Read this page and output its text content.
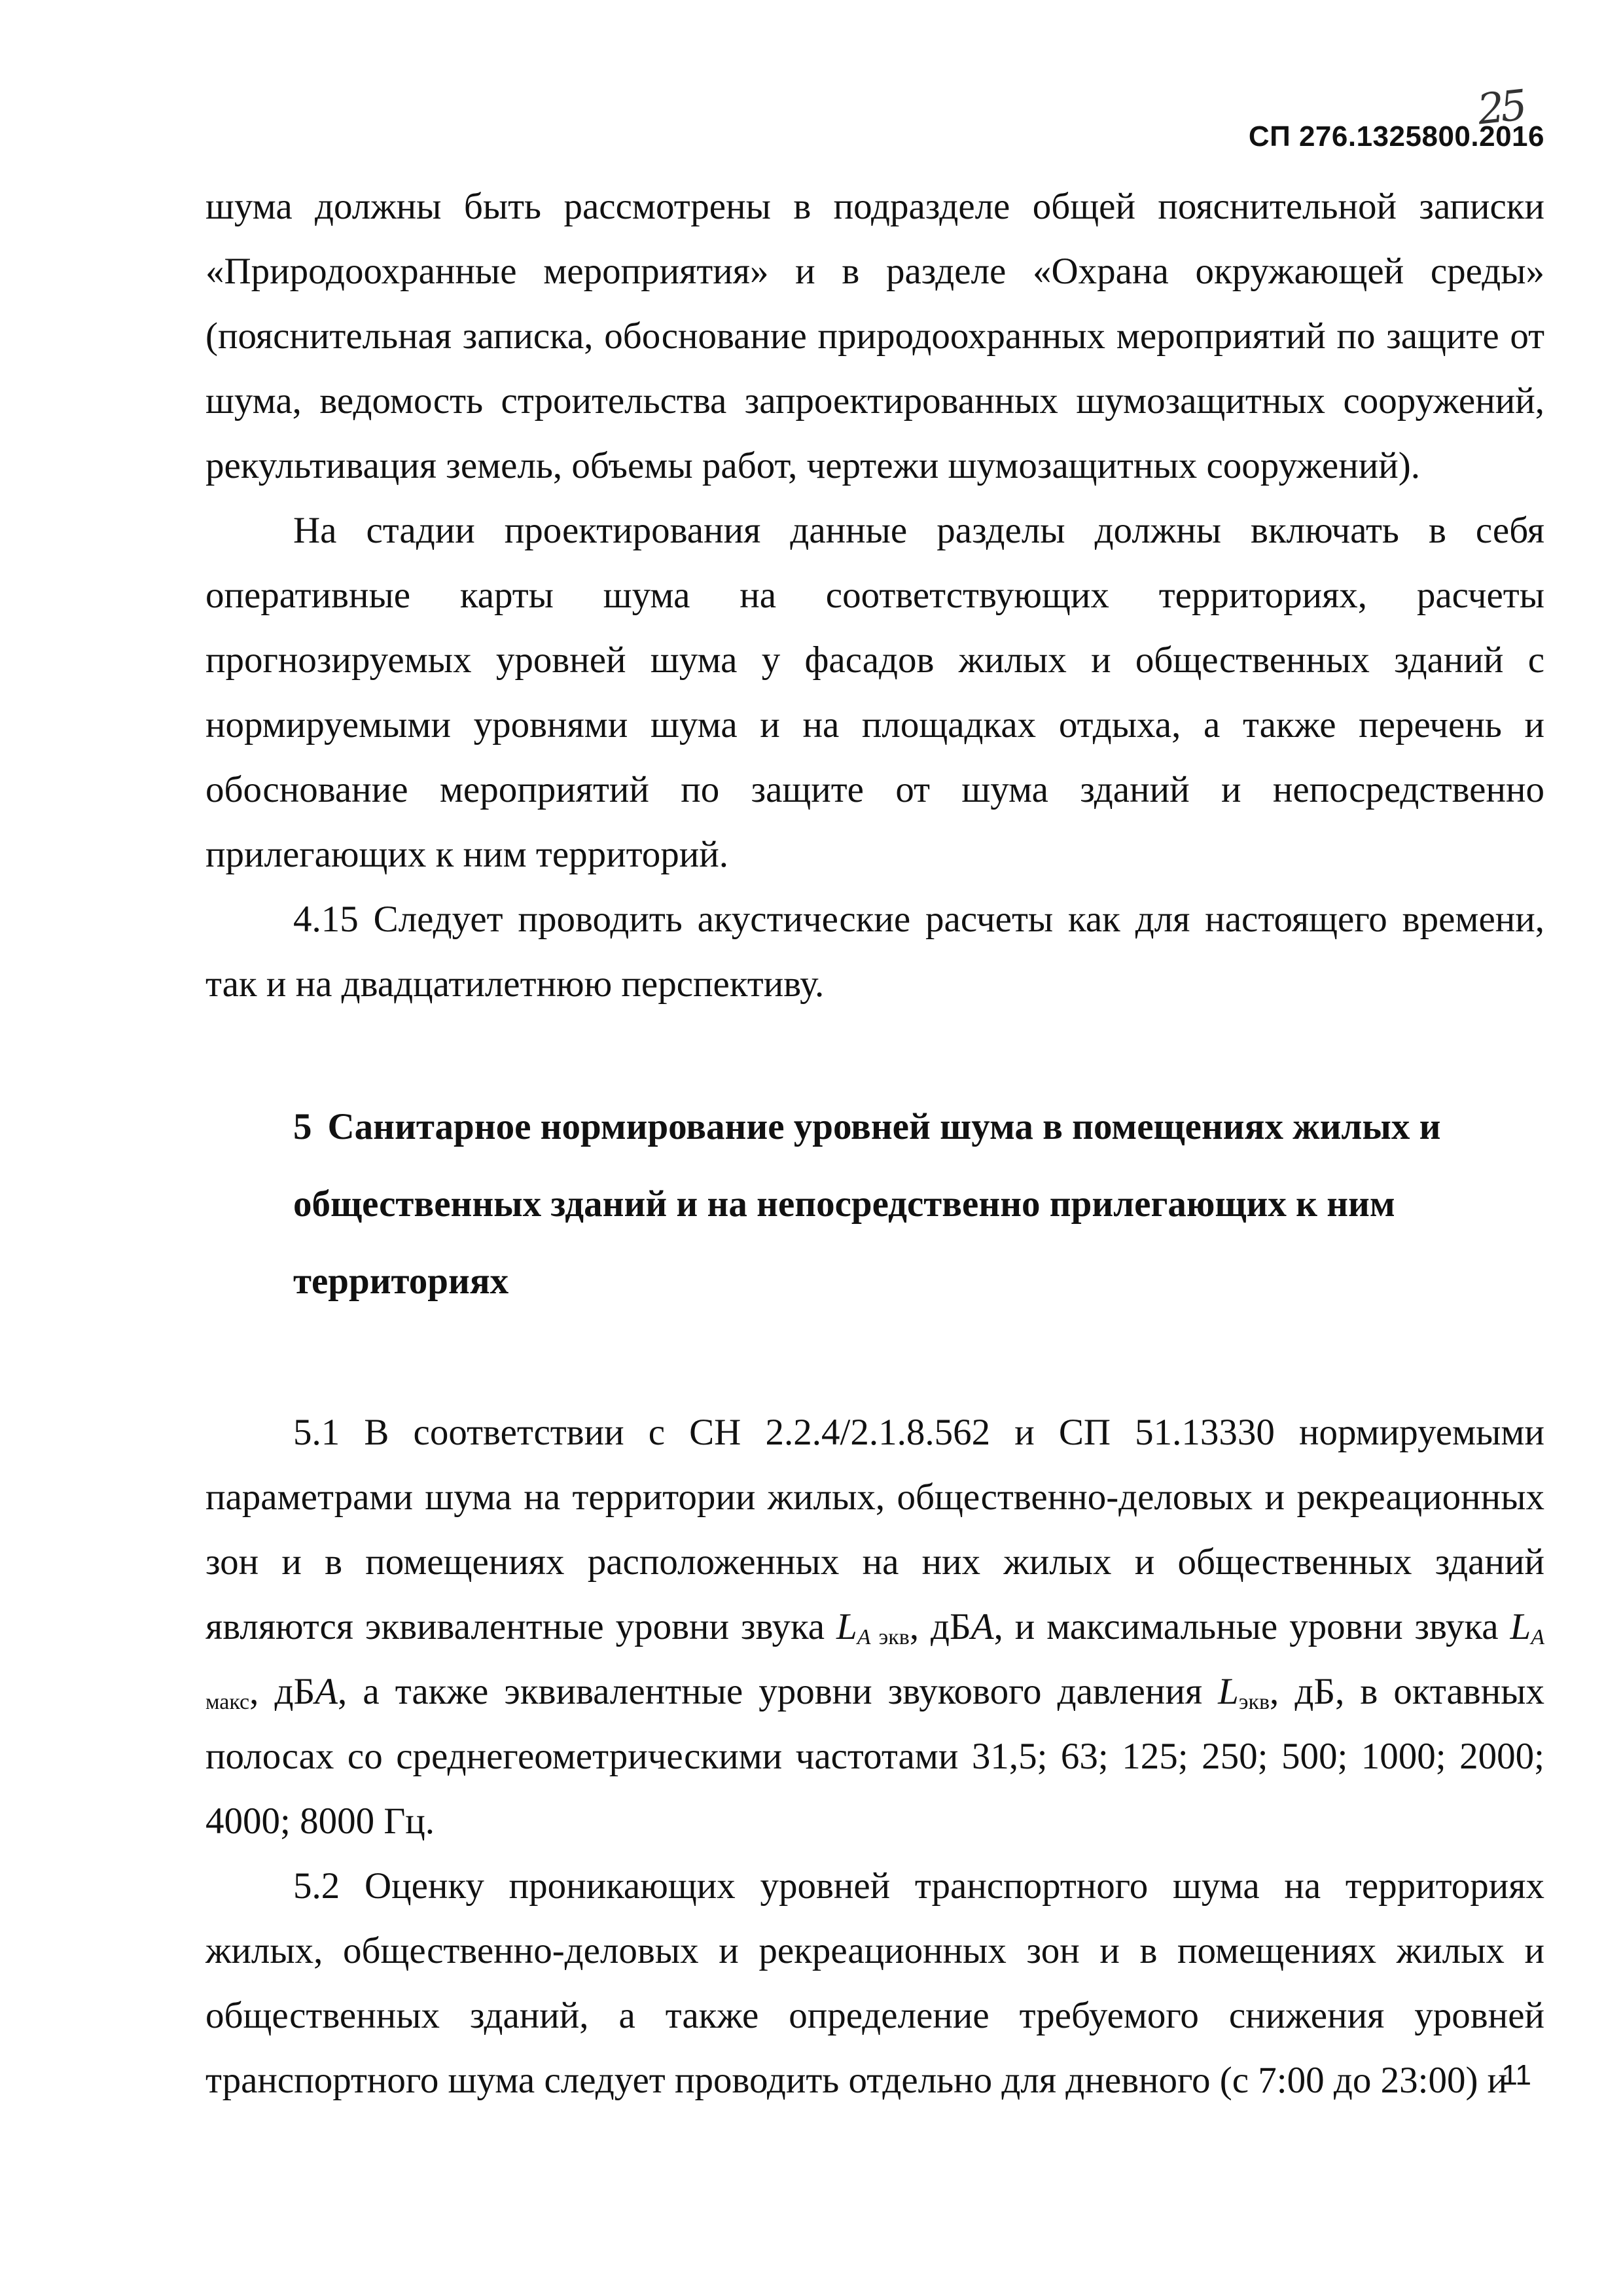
25
СП 276.1325800.2016

шума должны быть рассмотрены в подразделе общей пояснительной записки «Природоохранные мероприятия» и в разделе «Охрана окружающей среды» (пояснительная записка, обоснование природоохранных мероприятий по защите от шума, ведомость строительства запроектированных шумозащитных сооружений, рекультивация земель, объемы работ, чертежи шумозащитных сооружений).

На стадии проектирования данные разделы должны включать в себя оперативные карты шума на соответствующих территориях, расчеты прогнозируемых уровней шума у фасадов жилых и общественных зданий с нормируемыми уровнями шума и на площадках отдыха, а также перечень и обоснование мероприятий по защите от шума зданий и непосредственно прилегающих к ним территорий.

4.15 Следует проводить акустические расчеты как для настоящего времени, так и на двадцатилетнюю перспективу.

5 Санитарное нормирование уровней шума в помещениях жилых и общественных зданий и на непосредственно прилегающих к ним территориях

5.1 В соответствии с СН 2.2.4/2.1.8.562 и СП 51.13330 нормируемыми параметрами шума на территории жилых, общественно-деловых и рекреационных зон и в помещениях расположенных на них жилых и общественных зданий являются эквивалентные уровни звука $L_A$ $_{экв}$, дБA, и максимальные уровни звука $L_A$ $_{макс}$, дБA, а также эквивалентные уровни звукового давления $L_{экв}$, дБ, в октавных полосах со среднегеометрическими частотами 31,5; 63; 125; 250; 500; 1000; 2000; 4000; 8000 Гц.

5.2 Оценку проникающих уровней транспортного шума на территориях жилых, общественно-деловых и рекреационных зон и в помещениях жилых и общественных зданий, а также определение требуемого снижения уровней транспортного шума следует проводить отдельно для дневного (с 7:00 до 23:00) и

11
